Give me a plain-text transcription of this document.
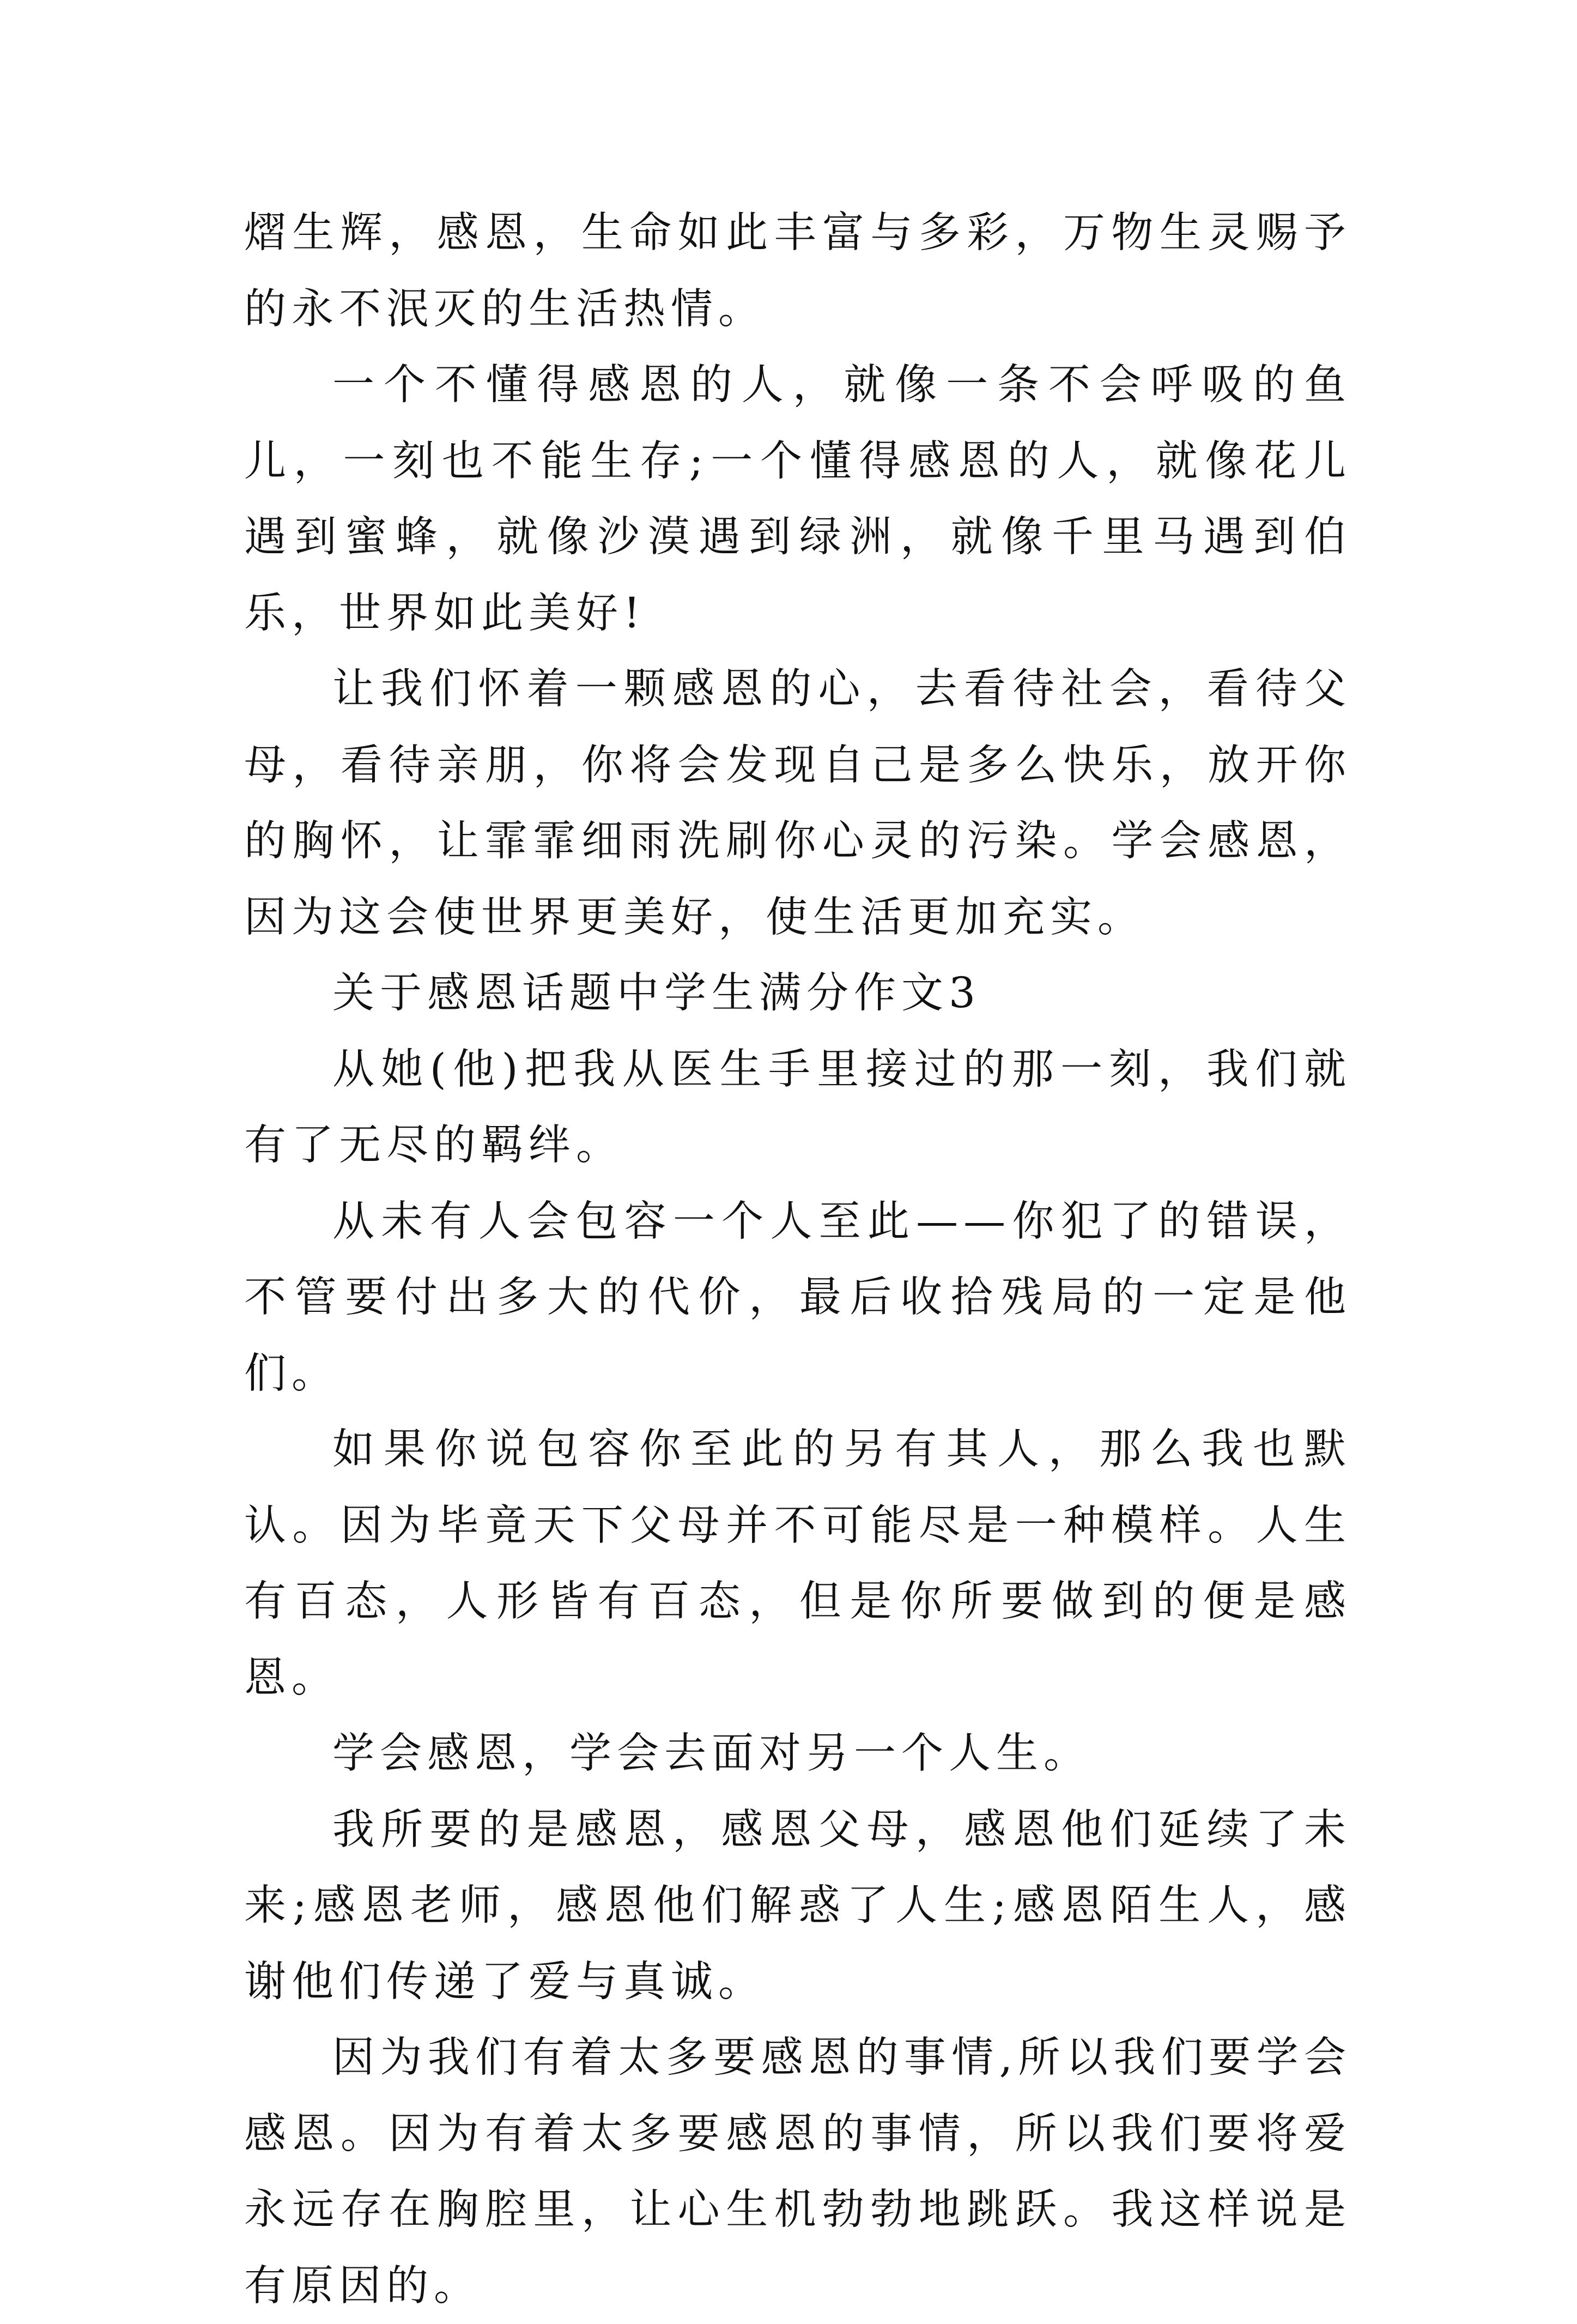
熠生辉，感恩，生命如此丰富与多彩，万物生灵赐予的永不泯灭的生活热情。

一个不懂得感恩的人，就像一条不会呼吸的鱼儿，一刻也不能生存;一个懂得感恩的人，就像花儿遇到蜜蜂，就像沙漠遇到绿洲，就像千里马遇到伯乐，世界如此美好!

让我们怀着一颗感恩的心，去看待社会，看待父母，看待亲朋，你将会发现自己是多么快乐，放开你的胸怀，让霏霏细雨洗刷你心灵的污染。学会感恩，因为这会使世界更美好，使生活更加充实。

关于感恩话题中学生满分作文3

从她(他)把我从医生手里接过的那一刻，我们就有了无尽的羁绊。

从未有人会包容一个人至此——你犯了的错误，不管要付出多大的代价，最后收拾残局的一定是他们。

如果你说包容你至此的另有其人，那么我也默认。因为毕竟天下父母并不可能尽是一种模样。人生有百态，人形皆有百态，但是你所要做到的便是感恩。

学会感恩，学会去面对另一个人生。

我所要的是感恩，感恩父母，感恩他们延续了未来;感恩老师，感恩他们解惑了人生;感恩陌生人，感谢他们传递了爱与真诚。

因为我们有着太多要感恩的事情,所以我们要学会感恩。因为有着太多要感恩的事情，所以我们要将爱永远存在胸腔里，让心生机勃勃地跳跃。我这样说是有原因的。
